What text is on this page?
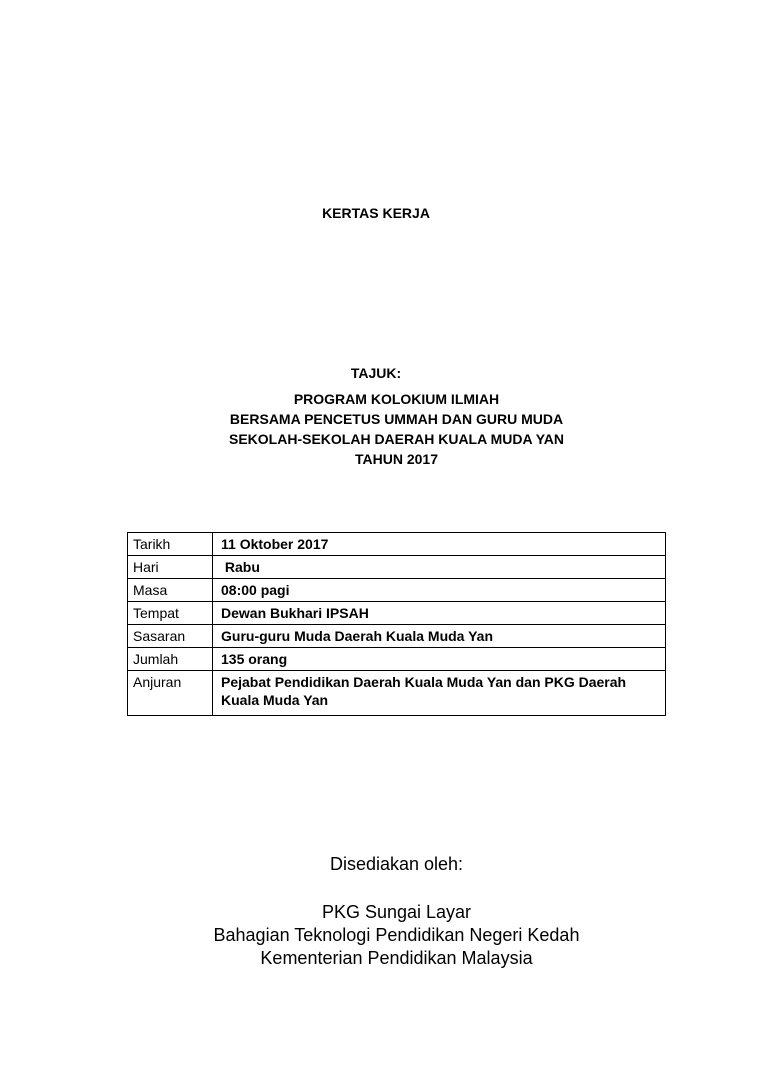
KERTAS KERJA
TAJUK:
PROGRAM KOLOKIUM ILMIAH
BERSAMA PENCETUS UMMAH DAN GURU MUDA
SEKOLAH-SEKOLAH DAERAH KUALA MUDA YAN
TAHUN 2017
Tarikh	11 Oktober 2017
Hari	Rabu
Masa	08:00 pagi
Tempat	Dewan Bukhari IPSAH
Sasaran	Guru-guru Muda Daerah Kuala Muda Yan
Jumlah	135 orang
Anjuran	Pejabat Pendidikan Daerah Kuala Muda Yan dan PKG Daerah Kuala Muda Yan
Disediakan oleh:
PKG Sungai Layar
Bahagian Teknologi Pendidikan Negeri Kedah
Kementerian Pendidikan Malaysia
